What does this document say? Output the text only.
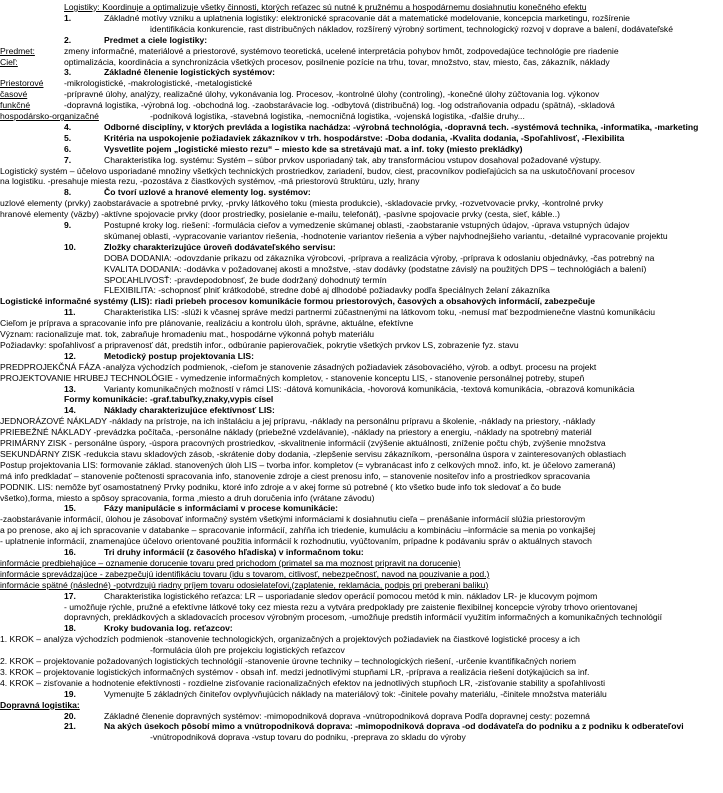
Logistiky: Koordinuje a optimalizuje všetky činnosti, ktorých reťazec sú nutné k pružnému a hospodárnemu dosiahnutiu konečného efektu
1.	Základné motívy vzniku a uplatnenia logistiky: elektronické spracovanie dát a matematické modelovanie, koncepcia marketingu, rozšírenie
identifikácia konkurencie, rast distribučných nákladov, rozšírený výrobný sortiment, technologický rozvoj v doprave a balení, dodávateľské
2.	Predmet a ciele logistiky:
Predmet:	zmeny informačné, materiálové a priestorové, systémovo teoretická, ucelené interpretácia pohybov hmôt, zodpovedajúce technológie pre riadenie
Cieľ:	optimalizácia, koordinácia a synchronizácia všetkých procesov, posilnenie pozície na trhu, tovar, množstvo, stav, miesto, čas, zákazník, náklady
3.	Základné členenie logistických systémov:
Priestorové	-mikrologistické, -makrologistické, -metalogistické
časové	-prípravné úlohy, analýzy, realizačné úlohy, vykonávania log. Procesov, -kontrolné úlohy (controling), -konečné úlohy zúčtovania log. výkonov
funkčné	-dopravná logistika, -výrobná log. -obchodná log. -zaobstarávacie log. -odbytová (distribučná) log. -log odstraňovania odpadu (spätná), -skladová
hospodársko-organizačné	-podniková logistika, -stavebná logistika, -nemocničná logistika, -vojenská logistika, -ďalšie druhy...
4.	Odborné disciplíny, v ktorých prevláda a logistika nachádza: -výrobná technológia, -dopravná tech. -systémová technika, -informatika, -marketing
5.	Kritéria na uspokojenie požiadaviek zákazníkov v trh. hospodárstve: -Doba dodania, -Kvalita dodania, -Spoľahlivosť, -Flexibilita
6.	Vysvetlite pojem „logistické miesto rezu“ – miesto kde sa stretávajú mat. a inf. toky (miesto prekládky)
7.	Charakteristika log. systému: Systém – súbor prvkov usporiadaný tak, aby transformáciou vstupov dosahoval požadované výstupy.
Logistický systém – účelovo usporiadané množiny všetkých technických prostriedkov, zariadení, budov, ciest, pracovníkov podieľajúcich sa na uskutočňovaní procesov
na logistiku. -presahuje miesta rezu, -pozostáva z čiastkových systémov, -má priestorovú štruktúru, uzly, hrany
8.	Čo tvorí uzlové a hranové elementy log. systémov:
uzlové elementy (prvky) zaobstarávacie a spotrebné prvky, -prvky látkového toku (miesta produkcie), -skladovacie prvky, -rozvetvovacie prvky, -kontrolné prvky
hranové elementy (väzby) -aktívne spojovacie prvky (door prostriedky, posielanie e-mailu, telefonát), -pasívne spojovacie prvky (cesta, sieť, káble..)
9.	Postupné kroky log. riešení: -formulácia cieľov a vymedzenie skúmanej oblasti, -zaobstaranie vstupných údajov, -úprava vstupných údajov
skúmanej oblasti, -vypracovanie variantov riešenia, -hodnotenie variantov riešenia a výber najvhodnejšieho variantu, -detailné vypracovanie projektu
10.	Zložky charakterizujúce úroveň dodávateľského servisu:
DOBA DODANIA: -odovzdanie príkazu od zákazníka výrobcovi, -príprava a realizácia výroby, -príprava k odoslaniu objednávky, -čas potrebný na
KVALITA DODANIA: -dodávka v požadovanej akosti a množstve, -stav dodávky (podstatne závislý na použitých DPS – technológiách a balení)
SPOĽAHLIVOSŤ: -pravdepodobnosť, že bude dodržaný dohodnutý termín
FLEXIBILITA: -schopnosť plniť krátkodobé, stredne dobé aj dlhodobé požiadavky podľa špeciálnych želaní zákazníka
Logistické informačné systémy (LIS): riadi priebeh procesov komunikácie formou priestorových, časových a obsahových informácií, zabezpečuje
11.	Charakteristika LIS: -slúži k včasnej správe medzi partnermi zúčastnenými na látkovom toku, -nemusí mať bezpodmienečne vlastnú komunikáciu
Cieľom je príprava a spracovanie info pre plánovanie, realizáciu a kontrolu úloh, správne, aktuálne, efektívne
Význam: racionalizuje mat. tok, zabraňuje hromadeniu mat., hospodárne výkonná pohyb materiálu
Požiadavky: spoľahlivosť a pripravenosť dát, predstih infor., odbúranie papierovačiek, pokrytie všetkých prvkov LS, zobrazenie fyz. stavu
12.	Metodický postup projektovania LIS:
PREDPROJEKČNÁ FÁZA -analýza východzích podmienok, -cieľom je stanovenie zásadných požiadaviek zásobovaciého, výrob. a odbyt. procesu na projekt
PROJEKTOVANIE HRUBEJ TECHNOLÓGIE - vymedzenie informačných kompletov, - stanovenie konceptu LIS, - stanovenie personálnej potreby, stupeň
13.	Varianty komunikačných možností v rámci LIS: -dátová komunikácia, -hovorová komunikácia, -textová komunikácia, -obrazová komunikácia
Formy komunikácie: -graf.tabuľky,znaky,vypis císel
14.	Náklady charakterizujúce efektívnosť LIS:
JEDNORÁZOVÉ NÁKLADY -náklady na prístroje, na ich inštaláciu a jej prípravu, -náklady na personálnu prípravu a školenie, -náklady na priestory, -náklady
PRIEBEŽNÉ NÁKLADY -prevádzka počítača, -personálne náklady (priebežné vzdelávanie), -náklady na priestory a energiu, -náklady na spotrebný materiál
PRIMÁRNY ZISK - personálne úspory, -úspora pracovných prostriedkov, -skvalitnenie informácií (zvýšenie aktuálnosti, zníženie počtu chýb, zvýšenie množstva
SEKUNDÁRNY ZISK -redukcia stavu skladových zásob, -skrátenie doby dodania, -zlepšenie servisu zákazníkom, -personálna úspora v zainteresovaných oblastiach
Postup projektovania LIS: formovanie základ. stanovených úloh LIS – tvorba infor. kompletov (= vybranácast info z celkových množ. info, kt. je účelovo zameraná)
má info predkladať – stanovenie počtenosti spracovania info, stanovenie zdroje a ciest prenosu info, – stanovenie nositeľov info a prostriedkov spracovania
PODNIK. LIS: nemôže byť osamostatnený Prvky podniku, ktoré info zdroje a v akej forme sú potrebné ( kto všetko bude info tok sledovať a čo bude
všetko),forma, miesto a spôsoy spracovania, forma ,miesto a druh doručenia info (vrátane závodu)
15.	Fázy manipulácie s informáciami v procese komunikácie:
-zaobstarávanie informácií, úlohou je zásobovať informačný systém všetkými informáciami k dosiahnutiu cieľa – prenášanie informácií slúžia priestorovým
a po prenose, ako aj ich spracovanie v databanke – spracovanie informácií, zahŕňa ich triedenie, kumuláciu a kombináciu –informácie sa menia po vonkajšej
- uplatnenie informácií, znamenajúce účelovo orientované použitia informácií k rozhodnutiu, vyúčtovaním, prípadne k podávaniu správ o aktuálnych stavoch
16.	Tri druhy informácií (z časového hľadiska) v informačnom toku:
informácie predbiehajúce – oznamenie dorucenie tovaru pred prichodom (primatel sa ma moznost pripravit na dorucenie)
informácie sprevádzajúce - zabezpečujú identifikáciu tovaru (idu s tovarom, citlivosť, nebezpečnosť, navod na pouzivanie a pod.)
informácie spätné (následné) -potvrdzujú riadny príjem tovaru odosielateľovi,(zaplatenie, reklamácia, podpis pri preberani baliku)
17.	Charakteristika logistického reťazca: LR – usporiadanie sledov operácií pomocou metód k min. nákladov LR- je klucovym pojmom
- umožňuje rýchle, pružné a efektívne látkové toky cez miesta rezu a vytvára predpoklady pre zaistenie flexibilnej koncepcie výroby trhovo orientovanej
dopravných, prekládkových a skladovacích procesov výrobným procesom, -umožňuje predstih informácií využitím informačných a komunikačných technológií
18.	Kroky budovania log. reťazcov:
1. KROK – analýza východzích podmienok -stanovenie technologických, organizačných a projektových požiadaviek na čiastkové logistické procesy a ich
-formulácia úloh pre projekciu logistických reťazcov
2. KROK – projektovanie požadovaných logistických technológií -stanovenie úrovne techniky – technologických riešení, -určenie kvantifikačných noriem
3. KROK – projektovanie logistických informačných systémov - obsah inf. medzi jednotlivými stupňami LR, -príprava a realizácia riešení dotýkajúcich sa inf.
4. KROK – zisťovanie a hodnotenie efektívnosti - rozdielne zisťovanie racionalizačných efektov na jednotlivých stupňoch LR, -zisťovanie stability a spoľahlivosti
19.	Vymenujte 5 základných činiteľov ovplyvňujúcich náklady na materiálový tok: -činitele povahy materiálu, -činitele množstva materiálu
Dopravná logistika:
20.	Základné členenie dopravných systémov: -mimopodniková doprava -vnútropodniková doprava Podľa dopravnej cesty: pozemná
21.	Na akých úsekoch pôsobí mimo a vnútropodniková doprava: -mimopodniková doprava -od dodávateľa do podniku a z podniku k odberateľovi
-vnútropodniková doprava -vstup tovaru do podniku, -preprava zo skladu do výroby
